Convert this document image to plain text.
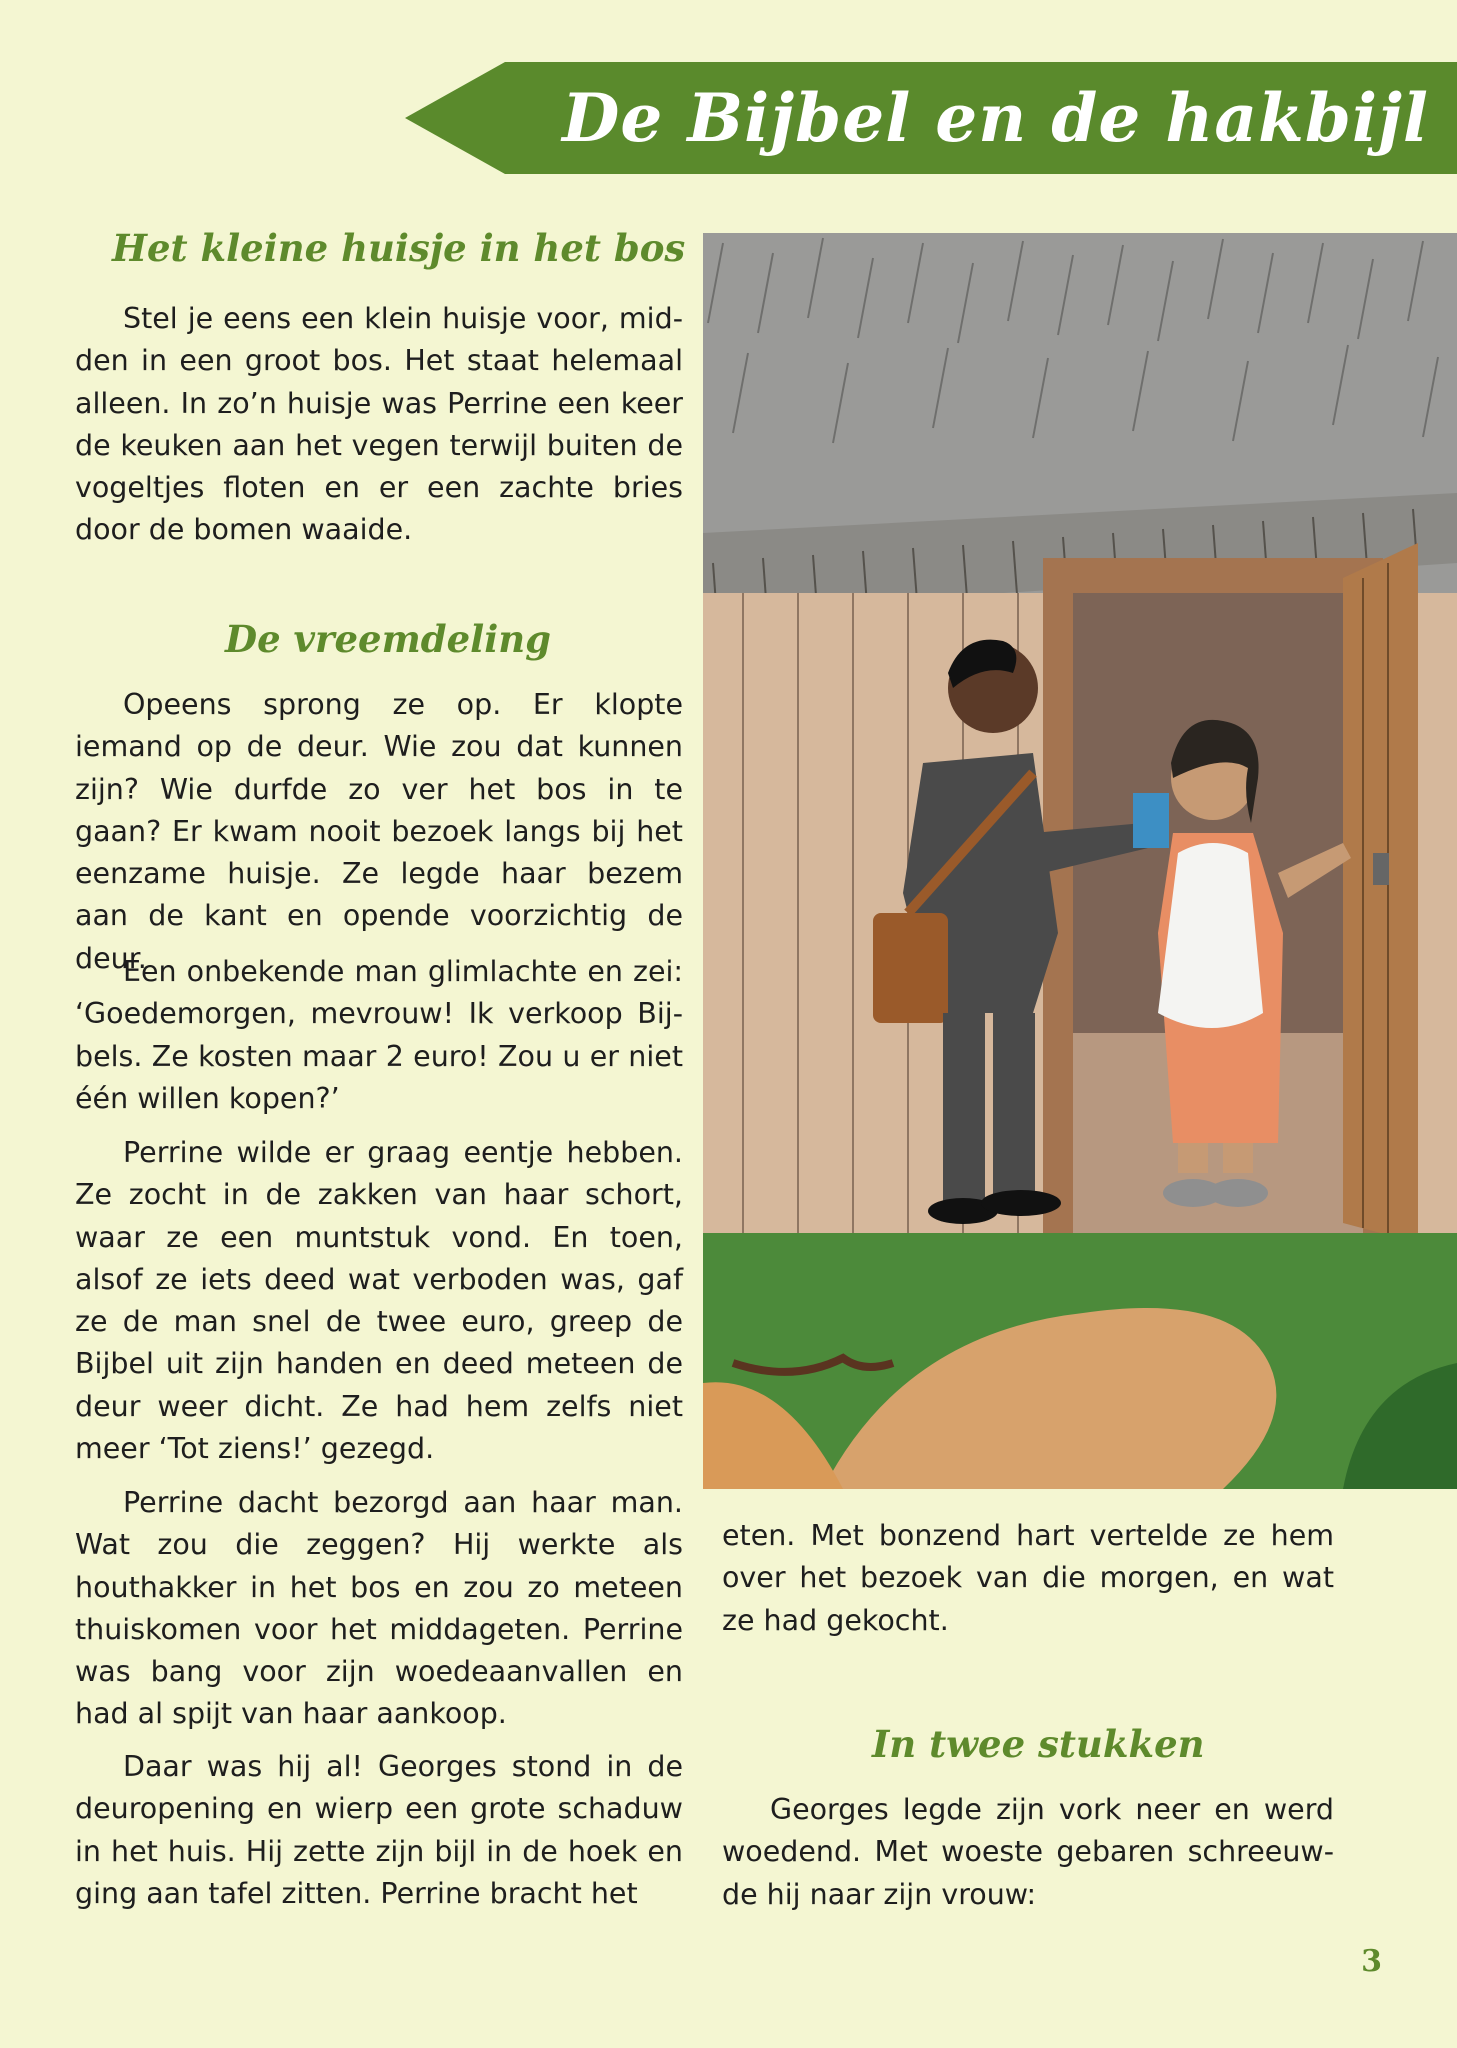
De Bijbel en de hakbijl
Het kleine huisje in het bos

Stel je eens een klein huisje voor, midden in een groot bos. Het staat helemaal alleen. In zo’n huisje was Perrine een keer de keuken aan het vegen terwijl buiten de vogeltjes floten en er een zachte bries door de bomen waaide.

De vreemdeling

Opeens sprong ze op. Er klopte iemand op de deur. Wie zou dat kunnen zijn? Wie durfde zo ver het bos in te gaan? Er kwam nooit bezoek langs bij het eenzame huisje. Ze legde haar bezem aan de kant en opende voorzichtig de deur.

Een onbekende man glimlachte en zei: ‘Goedemorgen, mevrouw! Ik verkoop Bijbels. Ze kosten maar 2 euro! Zou u er niet één willen kopen?’

Perrine wilde er graag eentje hebben. Ze zocht in de zakken van haar schort, waar ze een muntstuk vond. En toen, alsof ze iets deed wat verboden was, gaf ze de man snel de twee euro, greep de Bijbel uit zijn handen en deed meteen de deur weer dicht. Ze had hem zelfs niet meer ‘Tot ziens!’ gezegd.

Perrine dacht bezorgd aan haar man. Wat zou die zeggen? Hij werkte als houthakker in het bos en zou zo meteen thuiskomen voor het middageten. Perrine was bang voor zijn woedeaanvallen en had al spijt van haar aankoop.

Daar was hij al! Georges stond in de deuropening en wierp een grote schaduw in het huis. Hij zette zijn bijl in de hoek en ging aan tafel zitten. Perrine bracht het

eten. Met bonzend hart vertelde ze hem over het bezoek van die morgen, en wat ze had gekocht.

In twee stukken

Georges legde zijn vork neer en werd woedend. Met woeste gebaren schreeuwde hij naar zijn vrouw:

3
